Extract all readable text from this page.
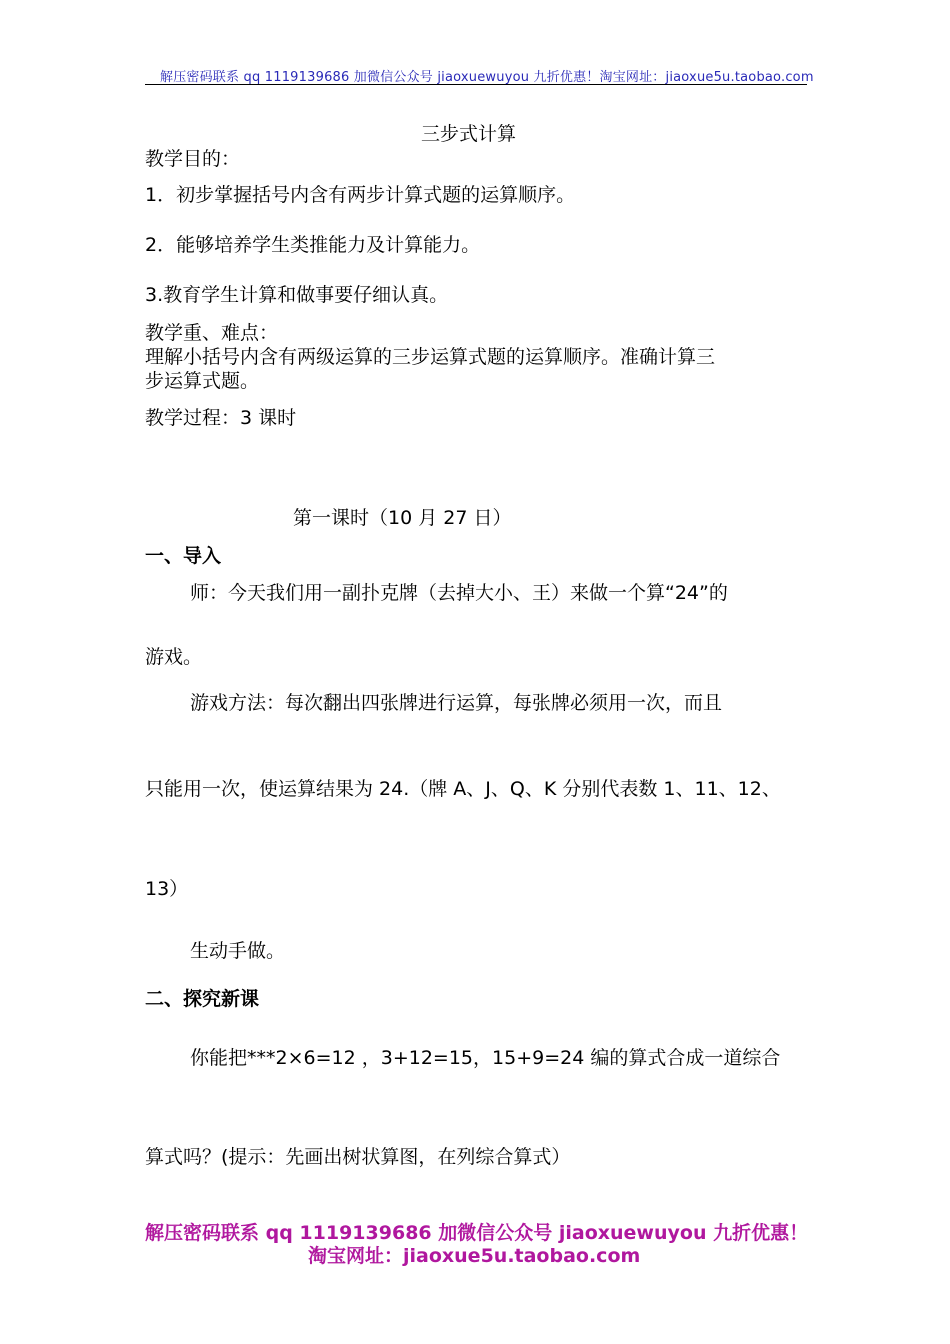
解压密码联系 qq 1119139686 加微信公众号 jiaoxuewuyou 九折优惠！淘宝网址：jiaoxue5u.taobao.com
三步式计算
教学目的：
1．初步掌握括号内含有两步计算式题的运算顺序。
2．能够培养学生类推能力及计算能力。
3.教育学生计算和做事要仔细认真。
教学重、难点：
理解小括号内含有两级运算的三步运算式题的运算顺序。准确计算三
步运算式题。
教学过程：3 课时
第一课时（10 月 27 日）
一、导入
师：今天我们用一副扑克牌（去掉大小、王）来做一个算“24”的
游戏。
游戏方法：每次翻出四张牌进行运算，每张牌必须用一次，而且
只能用一次，使运算结果为 24.（牌 A、J、Q、K 分别代表数 1、11、12、
13）
生动手做。
二、探究新课
你能把***2×6=12 ，3+12=15，15+9=24 编的算式合成一道综合
算式吗？(提示：先画出树状算图，在列综合算式）
解压密码联系 qq 1119139686 加微信公众号 jiaoxuewuyou 九折优惠！
淘宝网址：jiaoxue5u.taobao.com
